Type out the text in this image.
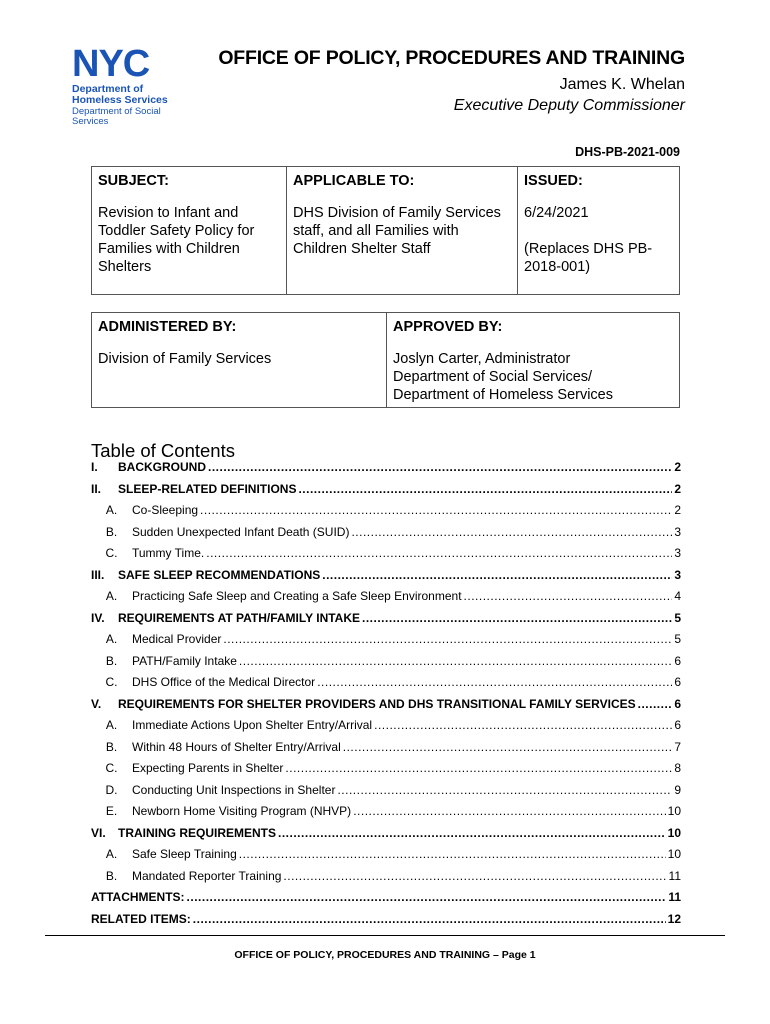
NYC
Department of Homeless Services
Department of Social Services
OFFICE OF POLICY, PROCEDURES AND TRAINING
James K. Whelan
Executive Deputy Commissioner
DHS-PB-2021-009
SUBJECT:
Revision to Infant and
Toddler Safety Policy for
Families with Children
Shelters

APPLICABLE TO:
DHS Division of Family Services
staff, and all Families with
Children Shelter Staff

ISSUED:
6/24/2021

(Replaces DHS PB-
2018-001)
ADMINISTERED BY:
Division of Family Services

APPROVED BY:
Joslyn Carter, Administrator
Department of Social Services/
Department of Homeless Services
Table of Contents
I.	BACKGROUND .....	2
II.	SLEEP-RELATED DEFINITIONS .....	2
A.	Co-Sleeping .....	2
B.	Sudden Unexpected Infant Death (SUID) .....	3
C.	Tummy Time. .....	3
III.	SAFE SLEEP RECOMMENDATIONS .....	3
A.	Practicing Safe Sleep and Creating a Safe Sleep Environment .....	4
IV.	REQUIREMENTS AT PATH/FAMILY INTAKE .....	5
A.	Medical Provider .....	5
B.	PATH/Family Intake .....	6
C.	DHS Office of the Medical Director .....	6
V.	REQUIREMENTS FOR SHELTER PROVIDERS AND DHS TRANSITIONAL FAMILY SERVICES .....	6
A.	Immediate Actions Upon Shelter Entry/Arrival .....	6
B.	Within 48 Hours of Shelter Entry/Arrival .....	7
C.	Expecting Parents in Shelter .....	8
D.	Conducting Unit Inspections in Shelter .....	9
E.	Newborn Home Visiting Program (NHVP) .....	10
VI.	TRAINING REQUIREMENTS .....	10
A.	Safe Sleep Training .....	10
B.	Mandated Reporter Training .....	11
ATTACHMENTS: .....	11
RELATED ITEMS: .....	12
OFFICE OF POLICY, PROCEDURES AND TRAINING – Page 1
